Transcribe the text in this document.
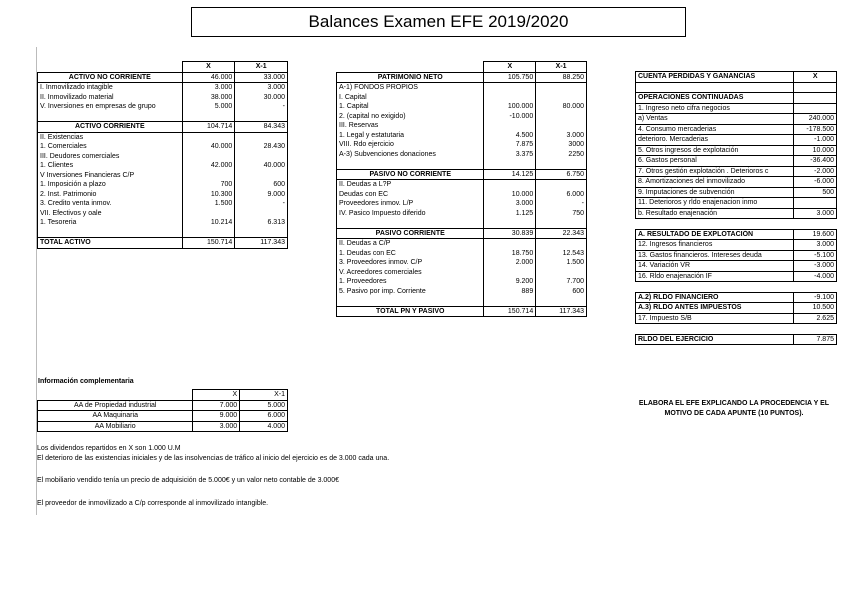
Balances Examen EFE 2019/2020
	X	X-1
ACTIVO NO CORRIENTE	46.000	33.000
I. Inmovilizado intagible	3.000	3.000
II. Inmovilizado material	38.000	30.000
V. Inversiones en empresas de grupo	5.000	-

ACTIVO CORRIENTE	104.714	84.343
II. Existencias		
1. Comerciales	40.000	28.430
III. Deudores comerciales		
1. Clientes	42.000	40.000
V Inversiones Financieras C/P		
1. Imposición a plazo	700	600
2. Inst. Patrimonio	10.300	9.000
3. Credito venta inmov.	1.500	-
VII. Efectivos y oale		
1. Tesoreria	10.214	6.313

TOTAL ACTIVO	150.714	117.343
	X	X-1
PATRIMONIO NETO	105.750	88.250
A-1) FONDOS PROPIOS		
I. Capital		
1. Capital	100.000	80.000
2. (capital no exigido)	-10.000	
III. Reservas		
1. Legal y estatutaria	4.500	3.000
VIII. Rdo ejercicio	7.875	3000
A-3) Subvenciones donaciones	3.375	2250

PASIVO NO CORRIENTE	14.125	6.750
II. Deudas a L?P		
Deudas con EC	10.000	6.000
Proveedores inmov. L/P	3.000	-
IV. Pasico Impuesto diferido	1.125	750

PASIVO CORRIENTE	30.839	22.343
II. Deudas a C/P		
1. Deudas con EC	18.750	12.543
3. Proveedores inmov. C/P	2.000	1.500
V. Acreedores comerciales		
1. Proveedores	9.200	7.700
5. Pasivo por imp. Corriente	889	600

TOTAL PN Y PASIVO	150.714	117.343
CUENTA PERDIDAS Y GANANCIAS	X

OPERACIONES CONTINUADAS	
1. Ingreso neto cifra negocios	
a) Ventas	240.000
4. Consumo mercaderias	-178.500
deterioro. Mercaderias	-1.000
5. Otros ingresos de explotación	10.000
6. Gastos personal	-36.400
7. Otros gestión explotación . Deterioros c	-2.000
8. Amortizaciones del inmovilizado	-6.000
9. Imputaciones de subvención	500
11. Deterioros y rldo enajenacion inmo	
b. Resultado enajenación	3.000

A. RESULTADO DE EXPLOTACIÓN	19.600
12. Ingresos financieros	3.000
13. Gastos financieros. Intereses deuda	-5.100
14. Variación VR	-3.000
16. Rldo enajenación IF	-4.000

A.2) RLDO FINANCIERO	-9.100
A.3) RLDO ANTES IMPUESTOS	10.500
17. Impuesto S/B	2.625

RLDO DEL EJERCICIO	7.875
Información complementaria
	X	X-1
AA de Propiedad industrial	7.000	5.000
AA Maquinaria	9.000	6.000
AA Mobiliario	3.000	4.000
Los dividendos repartidos en X son 1.000 U.M
El deterioro de las existencias iniciales y de las insolvencias de tráfico al inicio del ejercicio es de 3.000 cada una.
El mobiliario vendido tenía un precio de adquisición de 5.000€ y un valor neto contable de 3.000€
El proveedor de inmovilizado a C/p corresponde al inmovilizado intangible.
ELABORA EL EFE EXPLICANDO LA PROCEDENCIA Y EL MOTIVO DE CADA APUNTE (10 PUNTOS).
